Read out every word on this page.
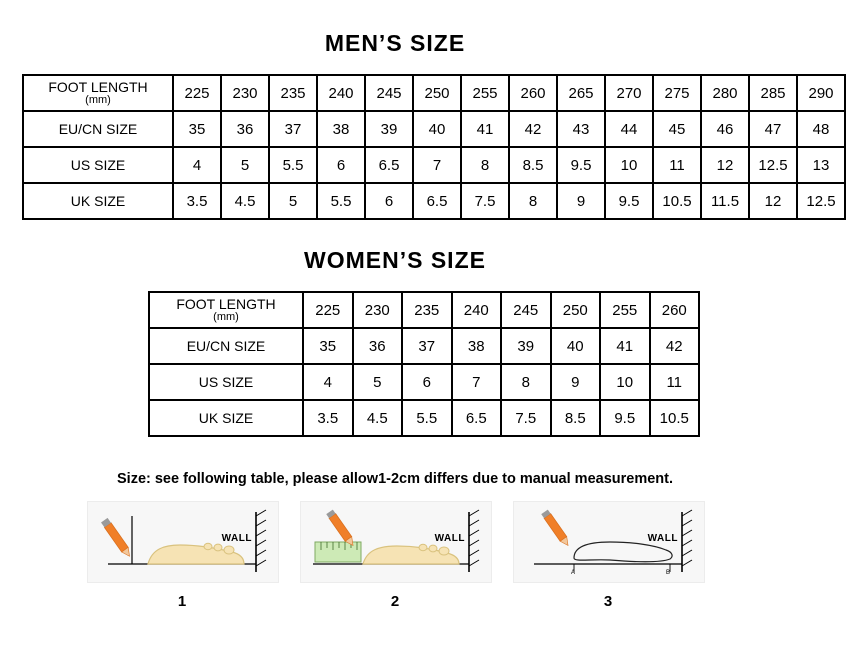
MEN’S SIZE
FOOT LENGTH
(mm)	225	230	235	240	245	250	255	260	265	270	275	280	285	290
EU/CN SIZE	35	36	37	38	39	40	41	42	43	44	45	46	47	48
US SIZE	4	5	5.5	6	6.5	7	8	8.5	9.5	10	11	12	12.5	13
UK SIZE	3.5	4.5	5	5.5	6	6.5	7.5	8	9	9.5	10.5	11.5	12	12.5
WOMEN’S SIZE
FOOT LENGTH
(mm)	225	230	235	240	245	250	255	260
EU/CN SIZE	35	36	37	38	39	40	41	42
US SIZE	4	5	6	7	8	9	10	11
UK SIZE	3.5	4.5	5.5	6.5	7.5	8.5	9.5	10.5
Size: see following table, please allow1-2cm differs due to manual measurement.
WALL
1
WALL
2
A	B
WALL
3
